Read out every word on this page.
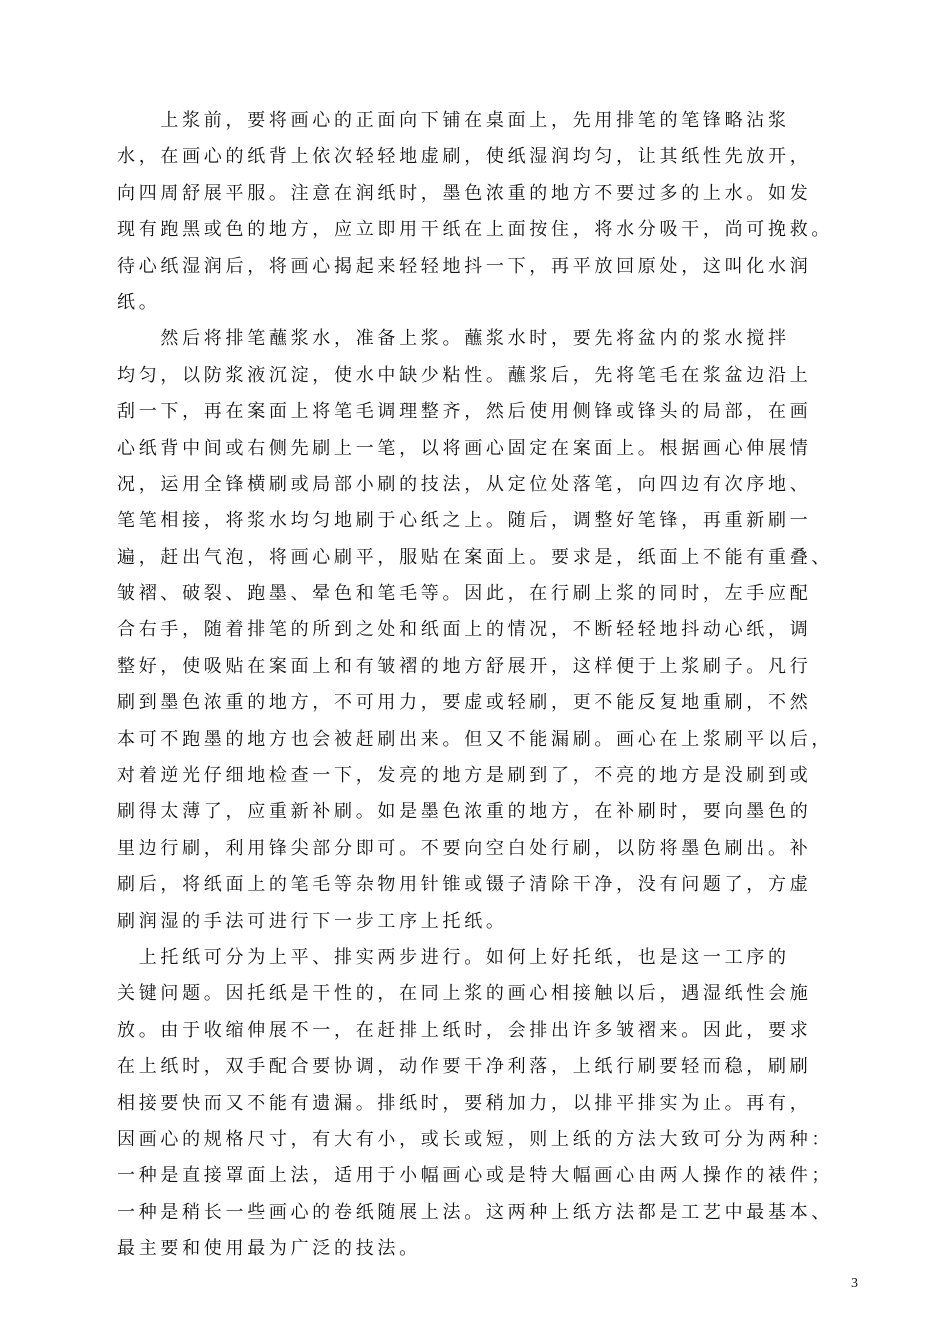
　　上浆前，要将画心的正面向下铺在桌面上，先用排笔的笔锋略沾浆
水，在画心的纸背上依次轻轻地虚刷，使纸湿润均匀，让其纸性先放开，
向四周舒展平服。注意在润纸时，墨色浓重的地方不要过多的上水。如发
现有跑黑或色的地方，应立即用干纸在上面按住，将水分吸干，尚可挽救。
待心纸湿润后，将画心揭起来轻轻地抖一下，再平放回原处，这叫化水润
纸。
　　然后将排笔蘸浆水，准备上浆。蘸浆水时，要先将盆内的浆水搅拌
均匀，以防浆液沉淀，使水中缺少粘性。蘸浆后，先将笔毛在浆盆边沿上
刮一下，再在案面上将笔毛调理整齐，然后使用侧锋或锋头的局部，在画
心纸背中间或右侧先刷上一笔，以将画心固定在案面上。根据画心伸展情
况，运用全锋横刷或局部小刷的技法，从定位处落笔，向四边有次序地、
笔笔相接，将浆水均匀地刷于心纸之上。随后，调整好笔锋，再重新刷一
遍，赶出气泡，将画心刷平，服贴在案面上。要求是，纸面上不能有重叠、
皱褶、破裂、跑墨、晕色和笔毛等。因此，在行刷上浆的同时，左手应配
合右手，随着排笔的所到之处和纸面上的情况，不断轻轻地抖动心纸，调
整好，使吸贴在案面上和有皱褶的地方舒展开，这样便于上浆刷子。凡行
刷到墨色浓重的地方，不可用力，要虚或轻刷，更不能反复地重刷，不然
本可不跑墨的地方也会被赶刷出来。但又不能漏刷。画心在上浆刷平以后，
对着逆光仔细地检查一下，发亮的地方是刷到了，不亮的地方是没刷到或
刷得太薄了，应重新补刷。如是墨色浓重的地方，在补刷时，要向墨色的
里边行刷，利用锋尖部分即可。不要向空白处行刷，以防将墨色刷出。补
刷后，将纸面上的笔毛等杂物用针锥或镊子清除干净，没有问题了，方虚
刷润湿的手法可进行下一步工序上托纸。
　上托纸可分为上平、排实两步进行。如何上好托纸，也是这一工序的
关键问题。因托纸是干性的，在同上浆的画心相接触以后，遇湿纸性会施
放。由于收缩伸展不一，在赶排上纸时，会排出许多皱褶来。因此，要求
在上纸时，双手配合要协调，动作要干净利落，上纸行刷要轻而稳，刷刷
相接要快而又不能有遗漏。排纸时，要稍加力，以排平排实为止。再有，
因画心的规格尺寸，有大有小，或长或短，则上纸的方法大致可分为两种：
一种是直接罩面上法，适用于小幅画心或是特大幅画心由两人操作的裱件；
一种是稍长一些画心的卷纸随展上法。这两种上纸方法都是工艺中最基本、
最主要和使用最为广泛的技法。
3
